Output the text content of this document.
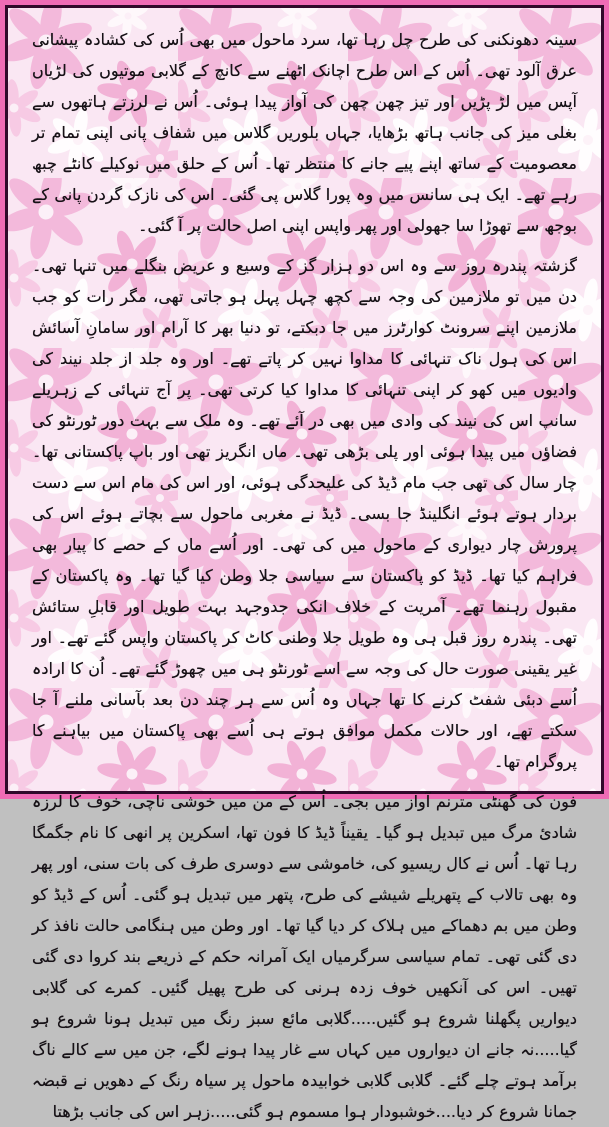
سینہ دھونکنی کی طرح چل رہا تھا، سرد ماحول میں بھی اُس کی کشادہ پیشانی عرق آلود تھی۔ اُس کے اس طرح اچانک اٹھنے سے کانچ کے گلابی موتیوں کی لڑیاں آپس میں لڑ پڑیں اور تیز چھن چھن کی آواز پیدا ہوئی۔ اُس نے لرزتے ہاتھوں سے بغلی میز کی جانب ہاتھ بڑھایا، جہاں بلوریں گلاس میں شفاف پانی اپنی تمام تر معصومیت کے ساتھ اپنے پیے جانے کا منتظر تھا۔ اُس کے حلق میں نوکیلے کانٹے چبھ رہے تھے۔ ایک ہی سانس میں وہ پورا گلاس پی گئی۔ اس کی نازک گردن پانی کے بوجھ سے تھوڑا سا جھولی اور پھر واپس اپنی اصل حالت پر آ گئی۔

گزشتہ پندرہ روز سے وہ اس دو ہزار گز کے وسیع و عریض بنگلے میں تنہا تھی۔ دن میں تو ملازمین کی وجہ سے کچھ چہل پہل ہو جاتی تھی، مگر رات کو جب ملازمین اپنے سرونٹ کوارٹرز میں جا دبکتے، تو دنیا بھر کا آرام اور سامانِ آسائش اس کی ہول ناک تنہائی کا مداوا نہیں کر پاتے تھے۔ اور وہ جلد از جلد نیند کی وادیوں میں کھو کر اپنی تنہائی کا مداوا کیا کرتی تھی۔ پر آج تنہائی کے زہریلے سانپ اس کی نیند کی وادی میں بھی در آئے تھے۔ وہ ملک سے بہت دور ٹورنٹو کی فضاؤں میں پیدا ہوئی اور پلی بڑھی تھی۔ ماں انگریز تھی اور باپ پاکستانی تھا۔ چار سال کی تھی جب مام ڈیڈ کی علیحدگی ہوئی، اور اس کی مام اس سے دست بردار ہوتے ہوئے انگلینڈ جا بسی۔ ڈیڈ نے مغربی ماحول سے بچاتے ہوئے اس کی پرورش چار دیواری کے ماحول میں کی تھی۔ اور اُسے ماں کے حصے کا پیار بھی فراہم کیا تھا۔ ڈیڈ کو پاکستان سے سیاسی جلا وطن کیا گیا تھا۔ وہ پاکستان کے مقبول رہنما تھے۔ آمریت کے خلاف انکی جدوجہد بہت طویل اور قابلِ ستائش تھی۔ پندرہ روز قبل ہی وہ طویل جلا وطنی کاٹ کر پاکستان واپس گئے تھے۔ اور غیر یقینی صورت حال کی وجہ سے اسے ٹورنٹو ہی میں چھوڑ گئے تھے۔ اُن کا ارادہ اُسے دبئی شفٹ کرنے کا تھا جہاں وہ اُس سے ہر چند دن بعد بآسانی ملنے آ جا سکتے تھے، اور حالات مکمل موافق ہوتے ہی اُسے بھی پاکستان میں بیاہنے کا پروگرام تھا۔

فون کی گھنٹی مترنم آواز میں بجی۔ اُس کے من میں خوشی ناچی، خوف کا لرزہ شادیٔ مرگ میں تبدیل ہو گیا۔ یقیناً ڈیڈ کا فون تھا، اسکرین پر انھی کا نام جگمگا رہا تھا۔ اُس نے کال ریسیو کی، خاموشی سے دوسری طرف کی بات سنی، اور پھر وہ بھی تالاب کے پتھریلے شیشے کی طرح، پتھر میں تبدیل ہو گئی۔ اُس کے ڈیڈ کو وطن میں بم دھماکے میں ہلاک کر دیا گیا تھا۔ اور وطن میں ہنگامی حالت نافذ کر دی گئی تھی۔ تمام سیاسی سرگرمیاں ایک آمرانہ حکم کے ذریعے بند کروا دی گئی تھیں۔ اس کی آنکھیں خوف زدہ ہرنی کی طرح پھیل گئیں۔ کمرے کی گلابی دیواریں پگھلنا شروع ہو گئیں.....گلابی مائع سبز رنگ میں تبدیل ہونا شروع ہو گیا.....نہ جانے ان دیواروں میں کہاں سے غار پیدا ہونے لگے، جن میں سے کالے ناگ برآمد ہوتے چلے گئے۔ گلابی گلابی خوابیدہ ماحول پر سیاہ رنگ کے دھویں نے قبضہ جمانا شروع کر دیا....خوشبودار ہوا مسموم ہو گئی.....زہر اس کی جانب بڑھتا
